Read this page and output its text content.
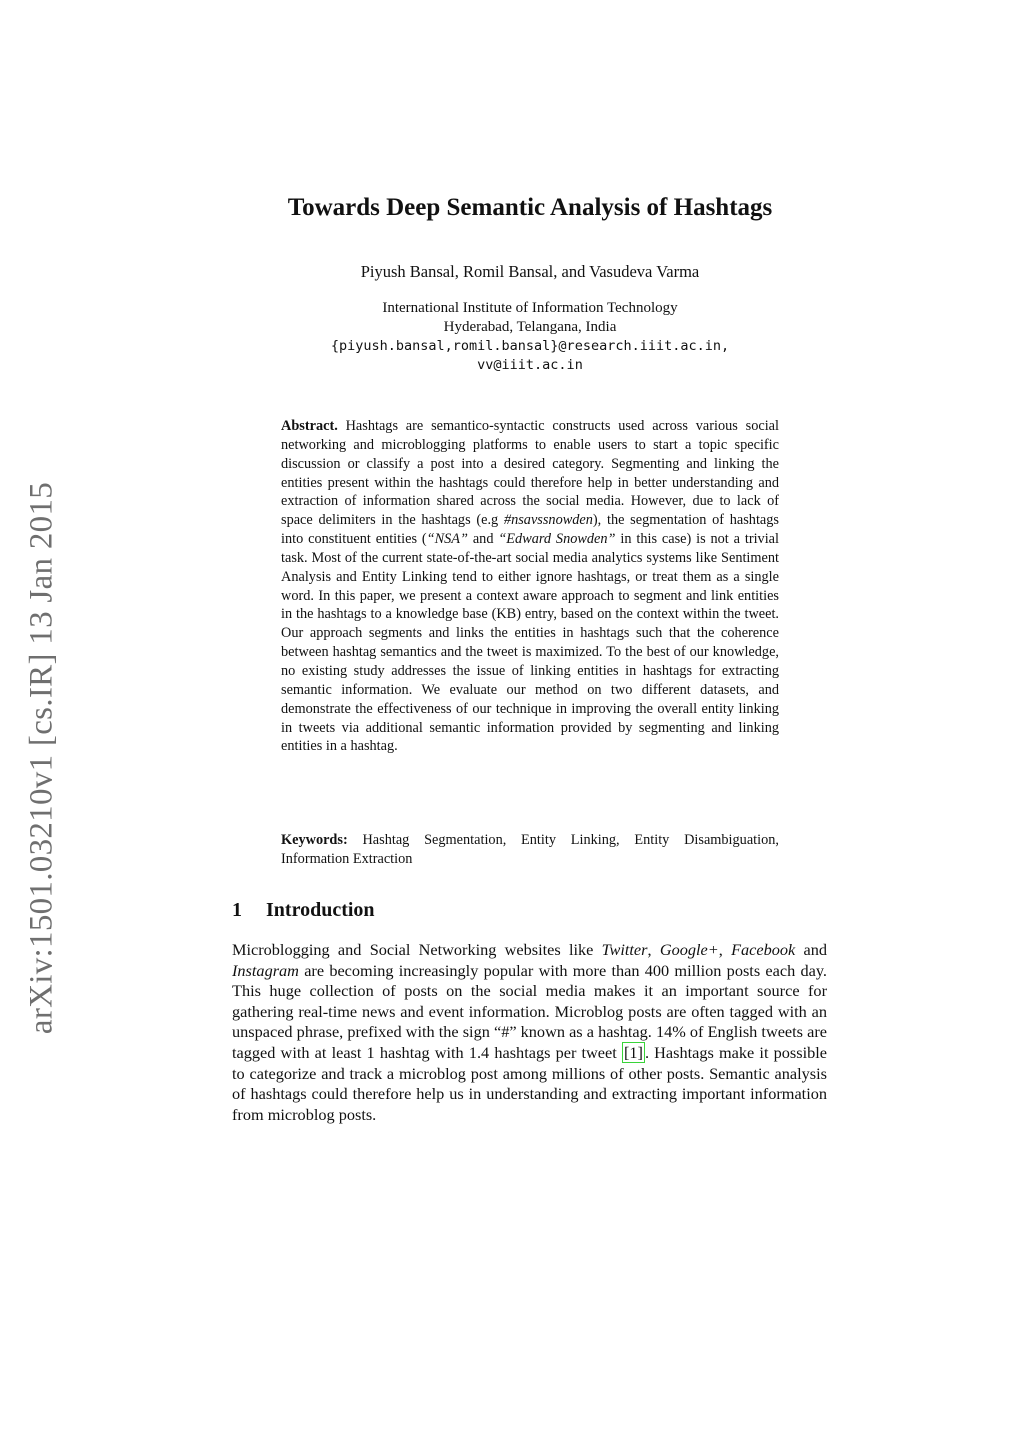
arXiv:1501.03210v1 [cs.IR] 13 Jan 2015
Towards Deep Semantic Analysis of Hashtags
Piyush Bansal, Romil Bansal, and Vasudeva Varma
International Institute of Information Technology
Hyderabad, Telangana, India
{piyush.bansal,romil.bansal}@research.iiit.ac.in,
vv@iiit.ac.in

Abstract. Hashtags are semantico-syntactic constructs used across various social networking and microblogging platforms to enable users to start a topic specific discussion or classify a post into a desired category. Segmenting and linking the entities present within the hashtags could therefore help in better understanding and extraction of information shared across the social media. However, due to lack of space delimiters in the hashtags (e.g #nsavssnowden), the segmentation of hashtags into constituent entities (“NSA” and “Edward Snowden” in this case) is not a trivial task. Most of the current state-of-the-art social media analytics systems like Sentiment Analysis and Entity Linking tend to either ignore hashtags, or treat them as a single word. In this paper, we present a context aware approach to segment and link entities in the hashtags to a knowledge base (KB) entry, based on the context within the tweet. Our approach segments and links the entities in hashtags such that the coherence between hashtag semantics and the tweet is maximized. To the best of our knowledge, no existing study addresses the issue of linking entities in hashtags for extracting semantic information. We evaluate our method on two different datasets, and demonstrate the effectiveness of our technique in improving the overall entity linking in tweets via additional semantic information provided by segmenting and linking entities in a hashtag.

Keywords: Hashtag Segmentation, Entity Linking, Entity Disambiguation, Information Extraction

1 Introduction

Microblogging and Social Networking websites like Twitter, Google+, Facebook and Instagram are becoming increasingly popular with more than 400 million posts each day. This huge collection of posts on the social media makes it an important source for gathering real-time news and event information. Microblog posts are often tagged with an unspaced phrase, prefixed with the sign “#” known as a hashtag. 14% of English tweets are tagged with at least 1 hashtag with 1.4 hashtags per tweet [1] . Hashtags make it possible to categorize and track a microblog post among millions of other posts. Semantic analysis of hashtags could therefore help us in understanding and extracting important information from microblog posts.
